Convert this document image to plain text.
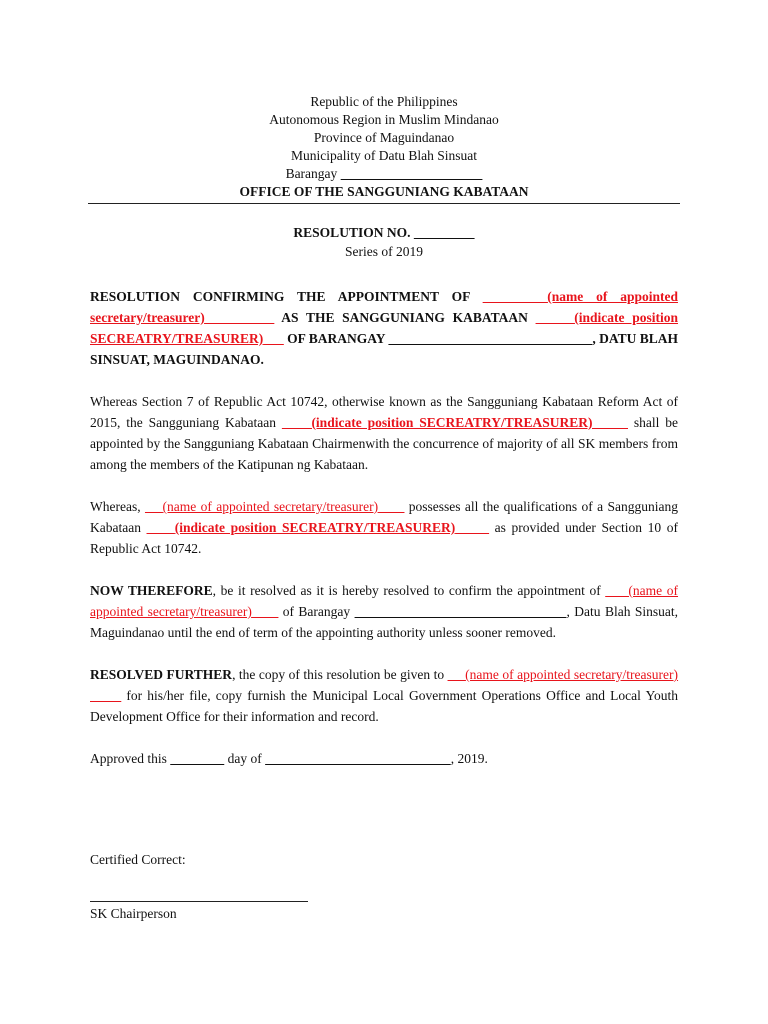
Republic of the Philippines
Autonomous Region in Muslim Mindanao
Province of Maguindanao
Municipality of Datu Blah Sinsuat
Barangay
OFFICE OF THE SANGGUNIANG KABATAAN
RESOLUTION NO.
Series of 2019

RESOLUTION CONFIRMING THE APPOINTMENT OF	(name of appointed secretary/treasurer)	AS THE SANGGUNIANG KABATAAN	(indicate position SECREATRY/TREASURER) OF BARANGAY	, DATU BLAH SINSUAT, MAGUINDANAO.

Whereas Section 7 of Republic Act 10742, otherwise known as the Sangguniang Kabataan Reform Act of 2015, the Sangguniang Kabataan	(indicate position SECREATRY/TREASURER)	shall be appointed by the Sangguniang Kabataan Chairmenwith the concurrence of majority of all SK members from among the members of the Katipunan ng Kabataan.

Whereas, (name of appointed secretary/treasurer) possesses all the qualifications of a Sangguniang Kabataan	(indicate position SECREATRY/TREASURER)	as provided under Section 10 of Republic Act 10742.

NOW THEREFORE, be it resolved as it is hereby resolved to confirm the appointment of (name of appointed secretary/treasurer) of Barangay	, Datu Blah Sinsuat, Maguindanao until the end of term of the appointing authority unless sooner removed.

RESOLVED FURTHER, the copy of this resolution be given to (name of appointed secretary/treasurer)       for his/her file, copy furnish the Municipal Local Government Operations Office and Local Youth Development Office for their information and record.

Approved this	day of	, 2019.

Certified Correct:
SK Chairperson
